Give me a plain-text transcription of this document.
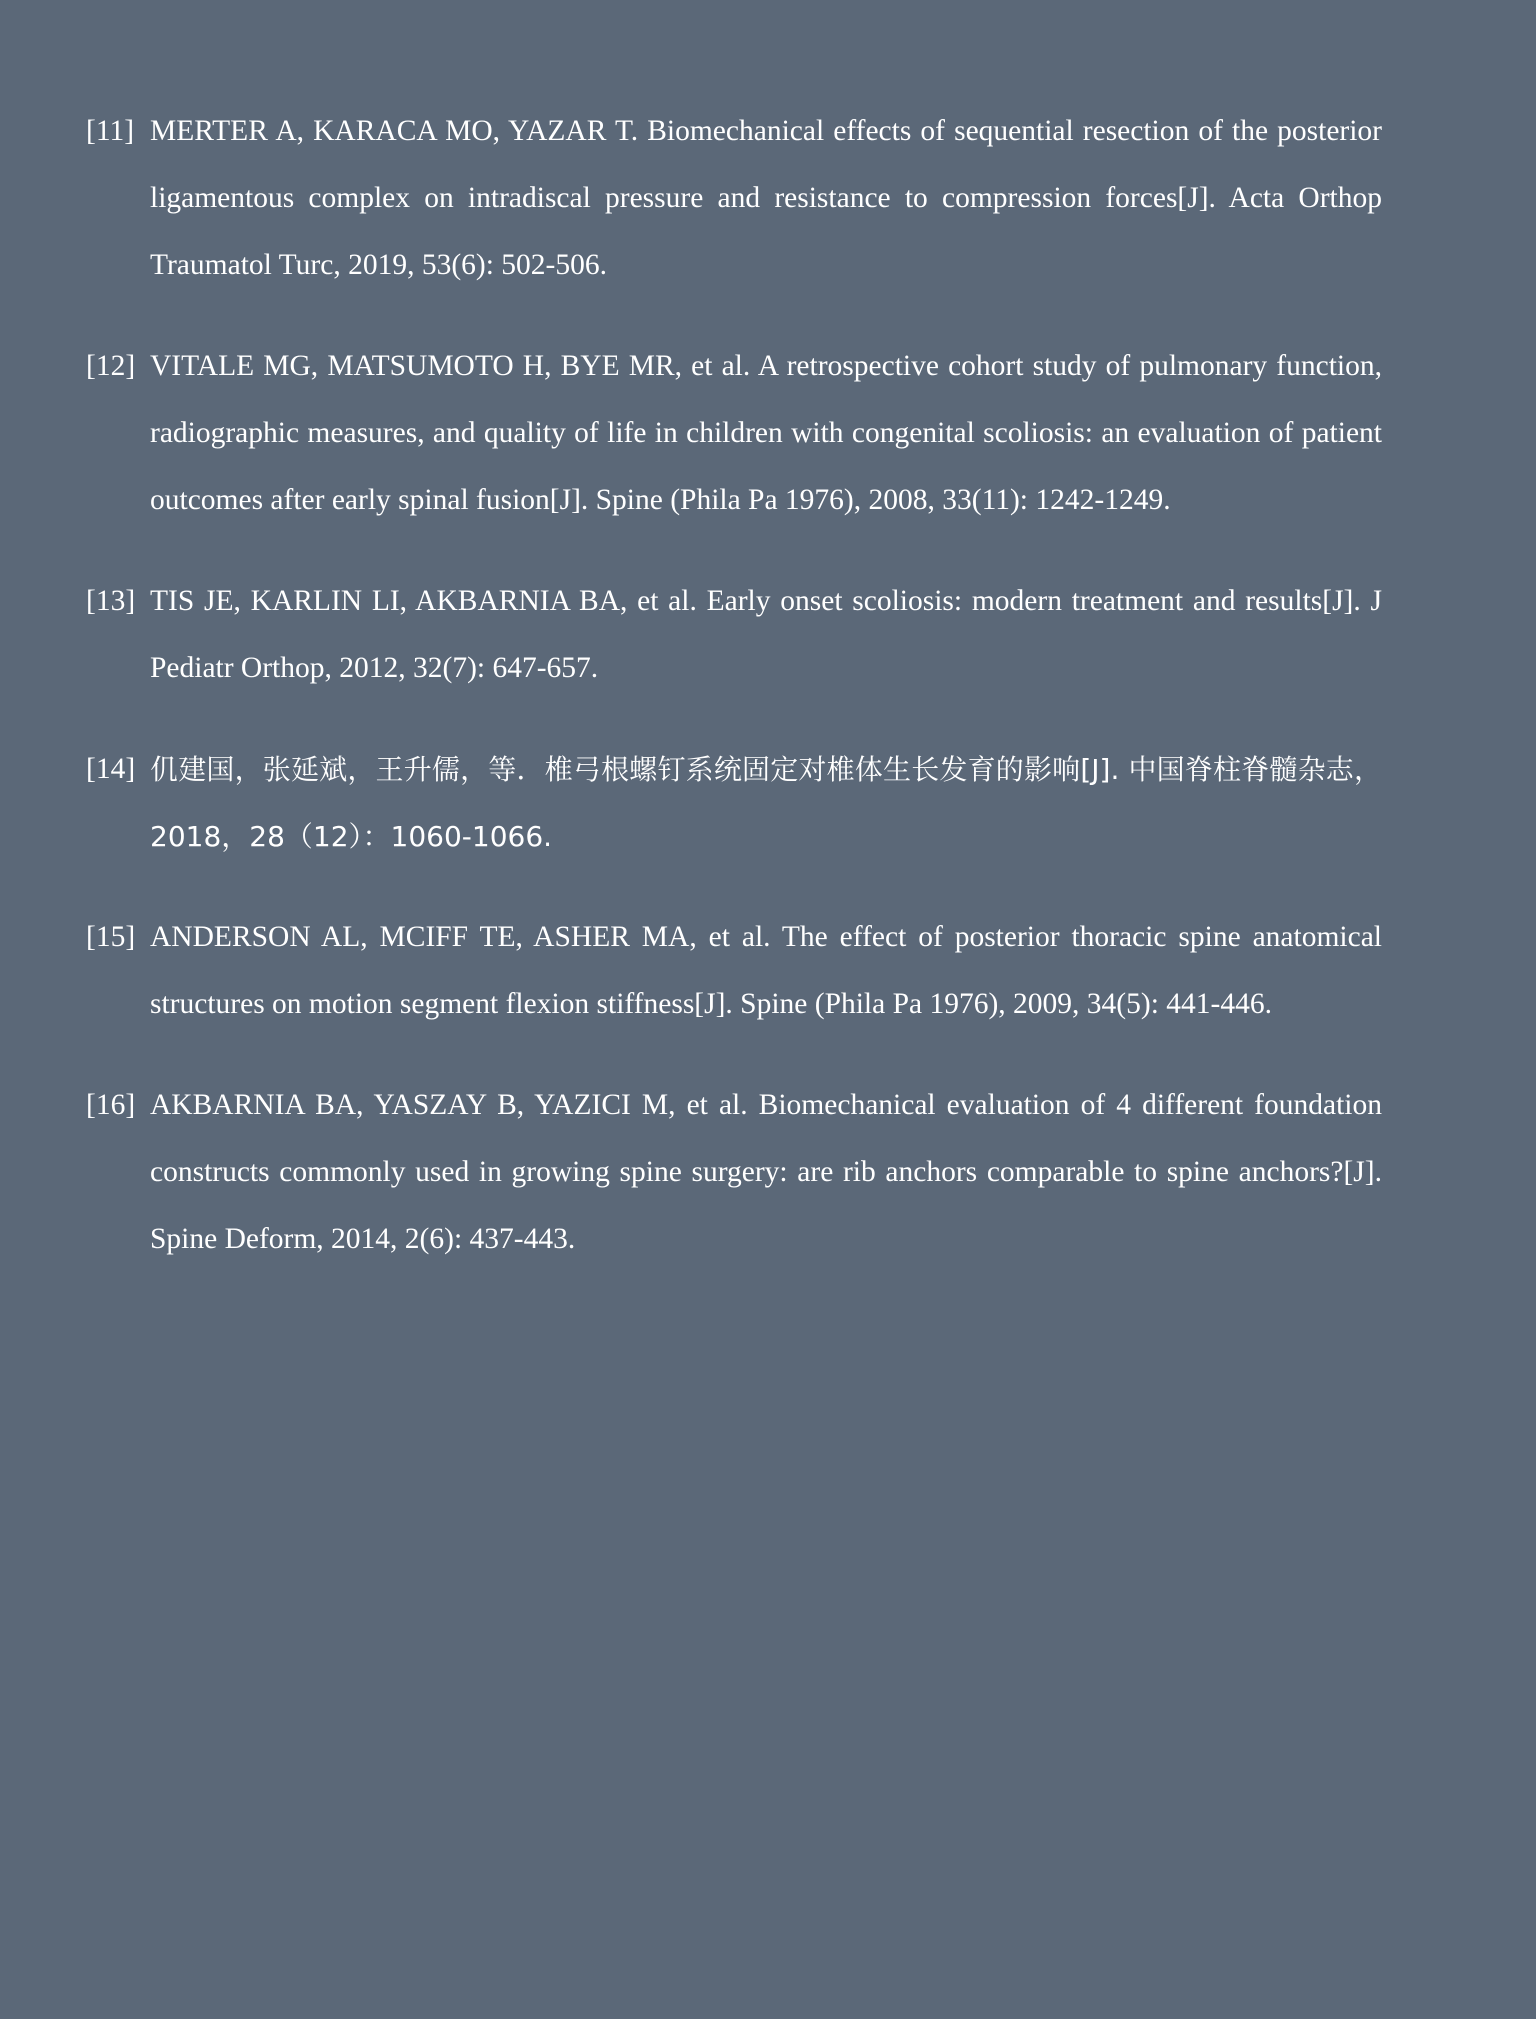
[11] MERTER A, KARACA MO, YAZAR T. Biomechanical effects of sequential resection of the posterior ligamentous complex on intradiscal pressure and resistance to compression forces[J]. Acta Orthop Traumatol Turc, 2019, 53(6): 502-506.
[12] VITALE MG, MATSUMOTO H, BYE MR, et al. A retrospective cohort study of pulmonary function, radiographic measures, and quality of life in children with congenital scoliosis: an evaluation of patient outcomes after early spinal fusion[J]. Spine (Phila Pa 1976), 2008, 33(11): 1242-1249.
[13] TIS JE, KARLIN LI, AKBARNIA BA, et al. Early onset scoliosis: modern treatment and results[J]. J Pediatr Orthop, 2012, 32(7): 647-657.
[14] 仉建国，张延斌，王升儒，等．椎弓根螺钉系统固定对椎体生长发育的影响[J]. 中国脊柱脊髓杂志，2018，28（12）：1060-1066.
[15] ANDERSON AL, MCIFF TE, ASHER MA, et al. The effect of posterior thoracic spine anatomical structures on motion segment flexion stiffness[J]. Spine (Phila Pa 1976), 2009, 34(5): 441-446.
[16] AKBARNIA BA, YASZAY B, YAZICI M, et al. Biomechanical evaluation of 4 different foundation constructs commonly used in growing spine surgery: are rib anchors comparable to spine anchors?[J]. Spine Deform, 2014, 2(6): 437-443.
